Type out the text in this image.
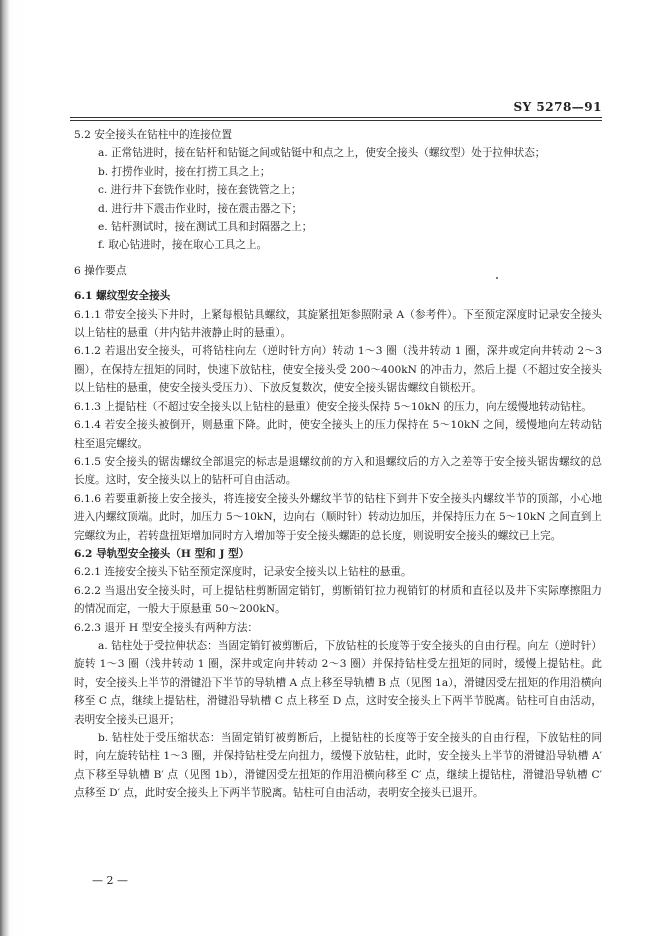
SY 5278—91

5.2 安全接头在钻柱中的连接位置

a. 正常钻进时，接在钻杆和钻铤之间或钻铤中和点之上，使安全接头（螺纹型）处于拉伸状态；

b. 打捞作业时，接在打捞工具之上；

c. 进行井下套铣作业时，接在套铣管之上；

d. 进行井下震击作业时，接在震击器之下；

e. 钻杆测试时，接在测试工具和封隔器之上；

f. 取心钻进时，接在取心工具之上。

6 操作要点

6.1 螺纹型安全接头

6.1.1 带安全接头下井时，上紧每根钻具螺纹，其旋紧扭矩参照附录 A（参考件）。下至预定深度时记录安全接头以上钻柱的悬重（井内钻井液静止时的悬重）。

6.1.2 若退出安全接头，可将钻柱向左（逆时针方向）转动 1～3 圈（浅井转动 1 圈，深井或定向井转动 2～3 圈），在保持左扭矩的同时，快速下放钻柱，使安全接头受 200～400kN 的冲击力，然后上提（不超过安全接头以上钻柱的悬重，使安全接头受压力）、下放反复数次，使安全接头锯齿螺纹自锁松开。

6.1.3 上提钻柱（不超过安全接头以上钻柱的悬重）使安全接头保持 5～10kN 的压力，向左缓慢地转动钻柱。

6.1.4 若安全接头被倒开，则悬重下降。此时，使安全接头上的压力保持在 5～10kN 之间，缓慢地向左转动钻柱至退完螺纹。

6.1.5 安全接头的锯齿螺纹全部退完的标志是退螺纹前的方入和退螺纹后的方入之差等于安全接头锯齿螺纹的总长度。这时，安全接头以上的钻杆可自由活动。

6.1.6 若要重新接上安全接头，将连接安全接头外螺纹半节的钻柱下到井下安全接头内螺纹半节的顶部，小心地进入内螺纹顶端。此时，加压力 5～10kN，边向右（顺时针）转动边加压，并保持压力在 5～10kN 之间直到上完螺纹为止，若转盘扭矩增加同时方入增加等于安全接头螺距的总长度，则说明安全接头的螺纹已上完。

6.2 导轨型安全接头（H 型和 J 型）

6.2.1 连接安全接头下钻至预定深度时，记录安全接头以上钻柱的悬重。

6.2.2 当退出安全接头时，可上提钻柱剪断固定销钉，剪断销钉拉力视销钉的材质和直径以及井下实际摩擦阻力的情况而定，一般大于原悬重 50～200kN。

6.2.3 退开 H 型安全接头有两种方法：

a. 钻柱处于受拉伸状态：当固定销钉被剪断后，下放钻柱的长度等于安全接头的自由行程。向左（逆时针）旋转 1～3 圈（浅井转动 1 圈，深井或定向井转动 2～3 圈）并保持钻柱受左扭矩的同时，缓慢上提钻柱。此时，安全接头上半节的滑键沿下半节的导轨槽 A 点上移至导轨槽 B 点（见图 1a），滑键因受左扭矩的作用沿横向移至 C 点，继续上提钻柱，滑键沿导轨槽 C 点上移至 D 点，这时安全接头上下两半节脱离。钻柱可自由活动，表明安全接头已退开；

b. 钻柱处于受压缩状态：当固定销钉被剪断后，上提钻柱的长度等于安全接头的自由行程，下放钻柱的同时，向左旋转钻柱 1～3 圈，并保持钻柱受左向扭力，缓慢下放钻柱，此时，安全接头上半节的滑键沿导轨槽 A′ 点下移至导轨槽 B′ 点（见图 1b），滑键因受左扭矩的作用沿横向移至 C′ 点，继续上提钻柱，滑键沿导轨槽 C′ 点移至 D′ 点，此时安全接头上下两半节脱离。钻柱可自由活动，表明安全接头已退开。

— 2 —
